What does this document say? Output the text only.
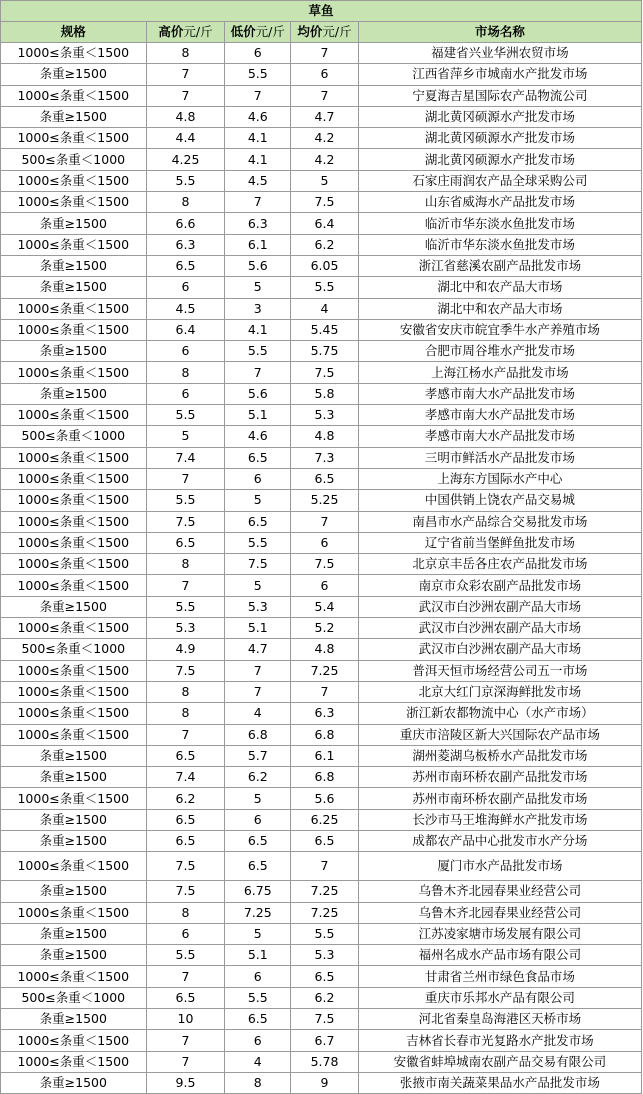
草鱼				
规格	高价元/斤	低价元/斤	均价元/斤	市场名称
1000≤条重＜1500	8	6	7	福建省兴业华洲农贸市场
条重≥1500	7	5.5	6	江西省萍乡市城南水产批发市场
1000≤条重＜1500	7	7	7	宁夏海吉星国际农产品物流公司
条重≥1500	4.8	4.6	4.7	湖北黄冈硕源水产批发市场
1000≤条重＜1500	4.4	4.1	4.2	湖北黄冈硕源水产批发市场
500≤条重＜1000	4.25	4.1	4.2	湖北黄冈硕源水产批发市场
1000≤条重＜1500	5.5	4.5	5	石家庄雨润农产品全球采购公司
1000≤条重＜1500	8	7	7.5	山东省威海水产品批发市场
条重≥1500	6.6	6.3	6.4	临沂市华东淡水鱼批发市场
1000≤条重＜1500	6.3	6.1	6.2	临沂市华东淡水鱼批发市场
条重≥1500	6.5	5.6	6.05	浙江省慈溪农副产品批发市场
条重≥1500	6	5	5.5	湖北中和农产品大市场
1000≤条重＜1500	4.5	3	4	湖北中和农产品大市场
1000≤条重＜1500	6.4	4.1	5.45	安徽省安庆市皖宜季牛水产养殖市场
条重≥1500	6	5.5	5.75	合肥市周谷堆水产批发市场
1000≤条重＜1500	8	7	7.5	上海江杨水产品批发市场
条重≥1500	6	5.6	5.8	孝感市南大水产品批发市场
1000≤条重＜1500	5.5	5.1	5.3	孝感市南大水产品批发市场
500≤条重＜1000	5	4.6	4.8	孝感市南大水产品批发市场
1000≤条重＜1500	7.4	6.5	7.3	三明市鲜活水产品批发市场
1000≤条重＜1500	7	6	6.5	上海东方国际水产中心
1000≤条重＜1500	5.5	5	5.25	中国供销上饶农产品交易城
1000≤条重＜1500	7.5	6.5	7	南昌市水产品综合交易批发市场
1000≤条重＜1500	6.5	5.5	6	辽宁省前当堡鲜鱼批发市场
1000≤条重＜1500	8	7.5	7.5	北京京丰岳各庄农产品批发市场
1000≤条重＜1500	7	5	6	南京市众彩农副产品批发市场
条重≥1500	5.5	5.3	5.4	武汉市白沙洲农副产品大市场
1000≤条重＜1500	5.3	5.1	5.2	武汉市白沙洲农副产品大市场
500≤条重＜1000	4.9	4.7	4.8	武汉市白沙洲农副产品大市场
1000≤条重＜1500	7.5	7	7.25	普洱天恒市场经营公司五一市场
1000≤条重＜1500	8	7	7	北京大红门京深海鲜批发市场
1000≤条重＜1500	8	4	6.3	浙江新农都物流中心（水产市场）
1000≤条重＜1500	7	6.8	6.8	重庆市涪陵区新大兴国际农产品市场
条重≥1500	6.5	5.7	6.1	湖州菱湖乌板桥水产品批发市场
条重≥1500	7.4	6.2	6.8	苏州市南环桥农副产品批发市场
1000≤条重＜1500	6.2	5	5.6	苏州市南环桥农副产品批发市场
条重≥1500	6.5	6	6.25	长沙市马王堆海鲜水产批发市场
条重≥1500	6.5	6.5	6.5	成都农产品中心批发市水产分场
1000≤条重＜1500	7.5	6.5	7	厦门市水产品批发市场
条重≥1500	7.5	6.75	7.25	乌鲁木齐北园春果业经营公司
1000≤条重＜1500	8	7.25	7.25	乌鲁木齐北园春果业经营公司
条重≥1500	6	5	5.5	江苏凌家塘市场发展有限公司
条重≥1500	5.5	5.1	5.3	福州名成水产品市场有限公司
1000≤条重＜1500	7	6	6.5	甘肃省兰州市绿色食品市场
500≤条重＜1000	6.5	5.5	6.2	重庆市乐邦水产品有限公司
条重≥1500	10	6.5	7.5	河北省秦皇岛海港区天桥市场
1000≤条重＜1500	7	6	6.7	吉林省长春市光复路水产批发市场
1000≤条重＜1500	7	4	5.78	安徽省蚌埠城南农副产品交易有限公司
条重≥1500	9.5	8	9	张掖市南关蔬菜果品水产品批发市场
